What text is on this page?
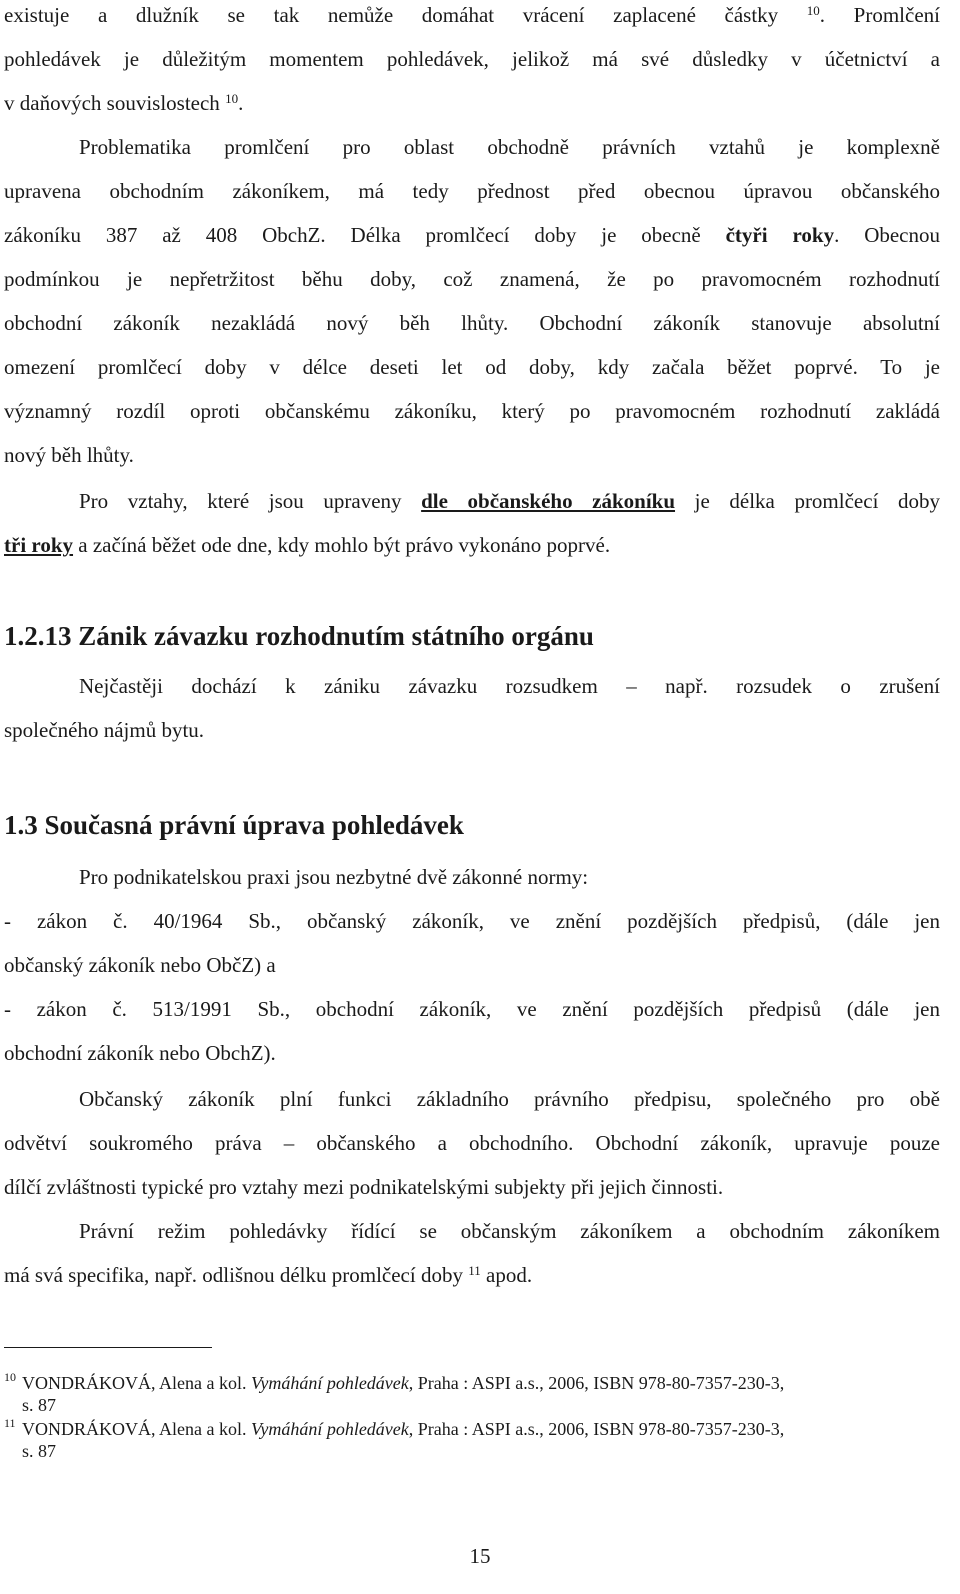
existuje a dlužník se tak nemůže domáhat vrácení zaplacené částky $^{10}$. Promlčení
pohledávek je důležitým momentem pohledávek, jelikož má své důsledky v účetnictví a
v daňových souvislostech $^{10}$.
Problematika promlčení pro oblast obchodně právních vztahů je komplexně
upravena obchodním zákoníkem, má tedy přednost před obecnou úpravou občanského
zákoníku 387 až 408 ObchZ. Délka promlčecí doby je obecně čtyři roky. Obecnou
podmínkou je nepřetržitost běhu doby, což znamená, že po pravomocném rozhodnutí
obchodní zákoník nezakládá nový běh lhůty. Obchodní zákoník stanovuje absolutní
omezení promlčecí doby v délce deseti let od doby, kdy začala běžet poprvé. To je
významný rozdíl oproti občanskému zákoníku, který po pravomocném rozhodnutí zakládá
nový běh lhůty.
Pro vztahy, které jsou upraveny dle občanského zákoníku je délka promlčecí doby
tři roky a začíná běžet ode dne, kdy mohlo být právo vykonáno poprvé.
1.2.13 Zánik závazku rozhodnutím státního orgánu
Nejčastěji dochází k zániku závazku rozsudkem – např. rozsudek o zrušení
společného nájmů bytu.
1.3 Současná právní úprava pohledávek
Pro podnikatelskou praxi jsou nezbytné dvě zákonné normy:
- zákon č. 40/1964 Sb., občanský zákoník, ve znění pozdějších předpisů, (dále jen
občanský zákoník nebo ObčZ) a
- zákon č. 513/1991 Sb., obchodní zákoník, ve znění pozdějších předpisů (dále jen
obchodní zákoník nebo ObchZ).
Občanský zákoník plní funkci základního právního předpisu, společného pro obě
odvětví soukromého práva – občanského a obchodního. Obchodní zákoník, upravuje pouze
dílčí zvláštnosti typické pro vztahy mezi podnikatelskými subjekty při jejich činnosti.
Právní režim pohledávky řídící se občanským zákoníkem a obchodním zákoníkem
má svá specifika, např. odlišnou délku promlčecí doby $^{11}$ apod.
10 VONDRÁKOVÁ, Alena a kol. Vymáhání pohledávek, Praha : ASPI a.s., 2006, ISBN 978-80-7357-230-3,
s. 87
11 VONDRÁKOVÁ, Alena a kol. Vymáhání pohledávek, Praha : ASPI a.s., 2006, ISBN 978-80-7357-230-3,
s. 87
15
